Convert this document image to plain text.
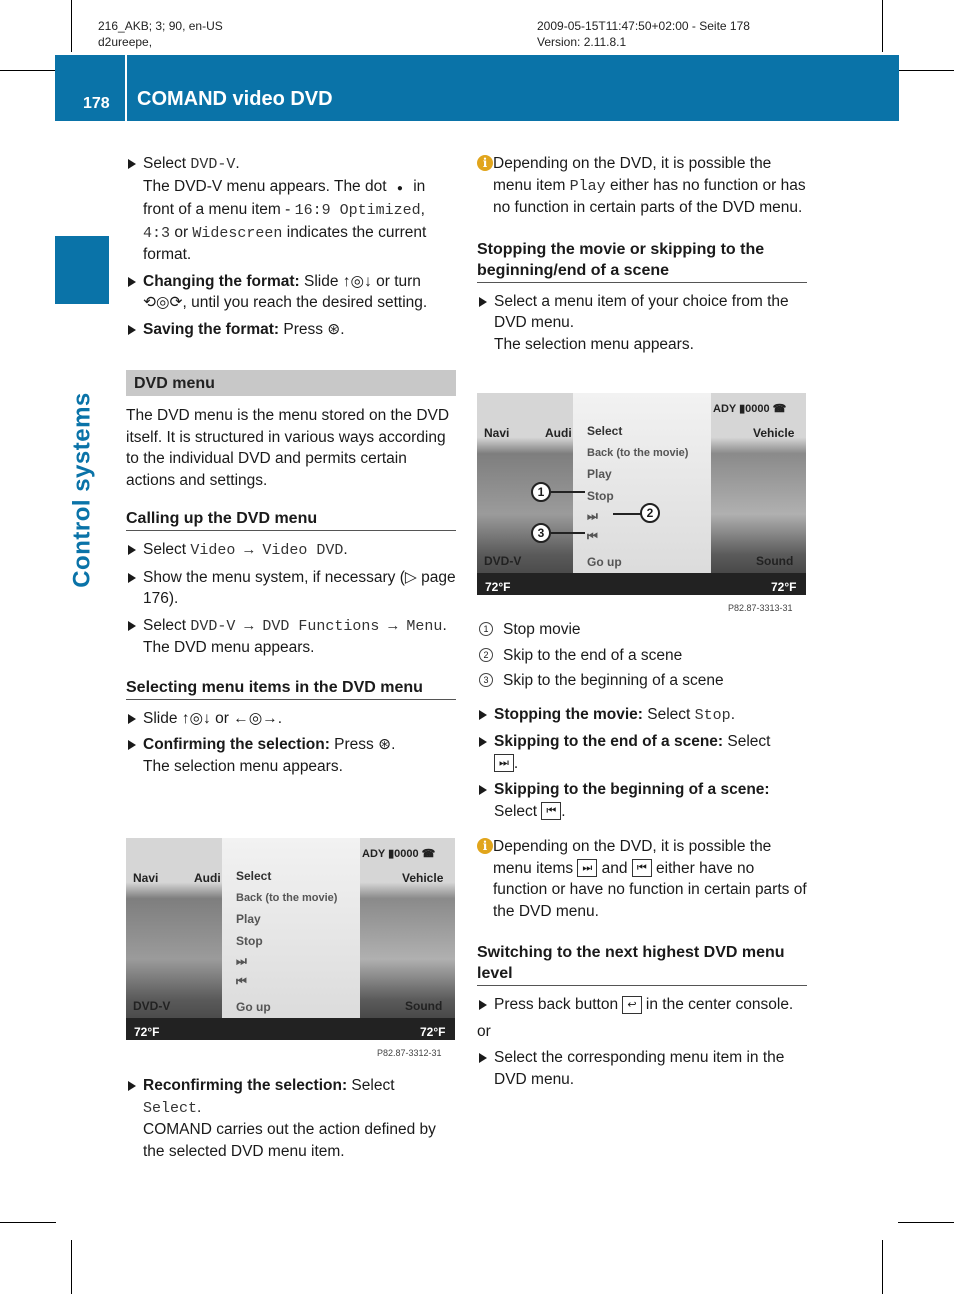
216_AKB; 3; 90, en-US
d2ureepe,
2009-05-15T11:47:50+02:00 - Seite 178
Version: 2.11.8.1
178 COMAND video DVD
Control systems
Select DVD-V.
The DVD-V menu appears. The dot ● in front of a menu item - 16:9 Optimized, 4:3 or Widescreen indicates the current format.
Changing the format: Slide ↑◎↓ or turn ⟲◎⟳, until you reach the desired setting.
Saving the format: Press ⊛.
DVD menu
The DVD menu is the menu stored on the DVD itself. It is structured in various ways according to the individual DVD and permits certain actions and settings.
Calling up the DVD menu
Select Video → Video DVD.
Show the menu system, if necessary (▷ page 176).
Select DVD-V → DVD Functions → Menu.
The DVD menu appears.
Selecting menu items in the DVD menu
Slide ↑◎↓ or ←◎→.
Confirming the selection: Press ⊛.
The selection menu appears.
Select
Back (to the movie)
Play
Stop
⏭
⏮
Go up
Navi	Audi
ADY ▮0000 ☎
Vehicle
DVD-V	Sound
72°F	72°F
P82.87-3312-31
Reconfirming the selection: Select
Select.
COMAND carries out the action defined by the selected DVD menu item.
i Depending on the DVD, it is possible the menu item Play either has no function or has no function in certain parts of the DVD menu.
Stopping the movie or skipping to the beginning/end of a scene
Select a menu item of your choice from the DVD menu.
The selection menu appears.
Select
Back (to the movie)
Play
Stop
⏭
⏮
Go up
Navi	Audi
ADY ▮0000 ☎
Vehicle
DVD-V	Sound
72°F	72°F
1
2
3
P82.87-3313-31
1 Stop movie
2 Skip to the end of a scene
3 Skip to the beginning of a scene
Stopping the movie: Select Stop.
Skipping to the end of a scene: Select
⏭ .
Skipping to the beginning of a scene:
Select ⏮ .
i Depending on the DVD, it is possible the menu items ⏭ and ⏮ either have no function or have no function in certain parts of the DVD menu.
Switching to the next highest DVD menu level
Press back button ↩ in the center console.
or
Select the corresponding menu item in the DVD menu.
